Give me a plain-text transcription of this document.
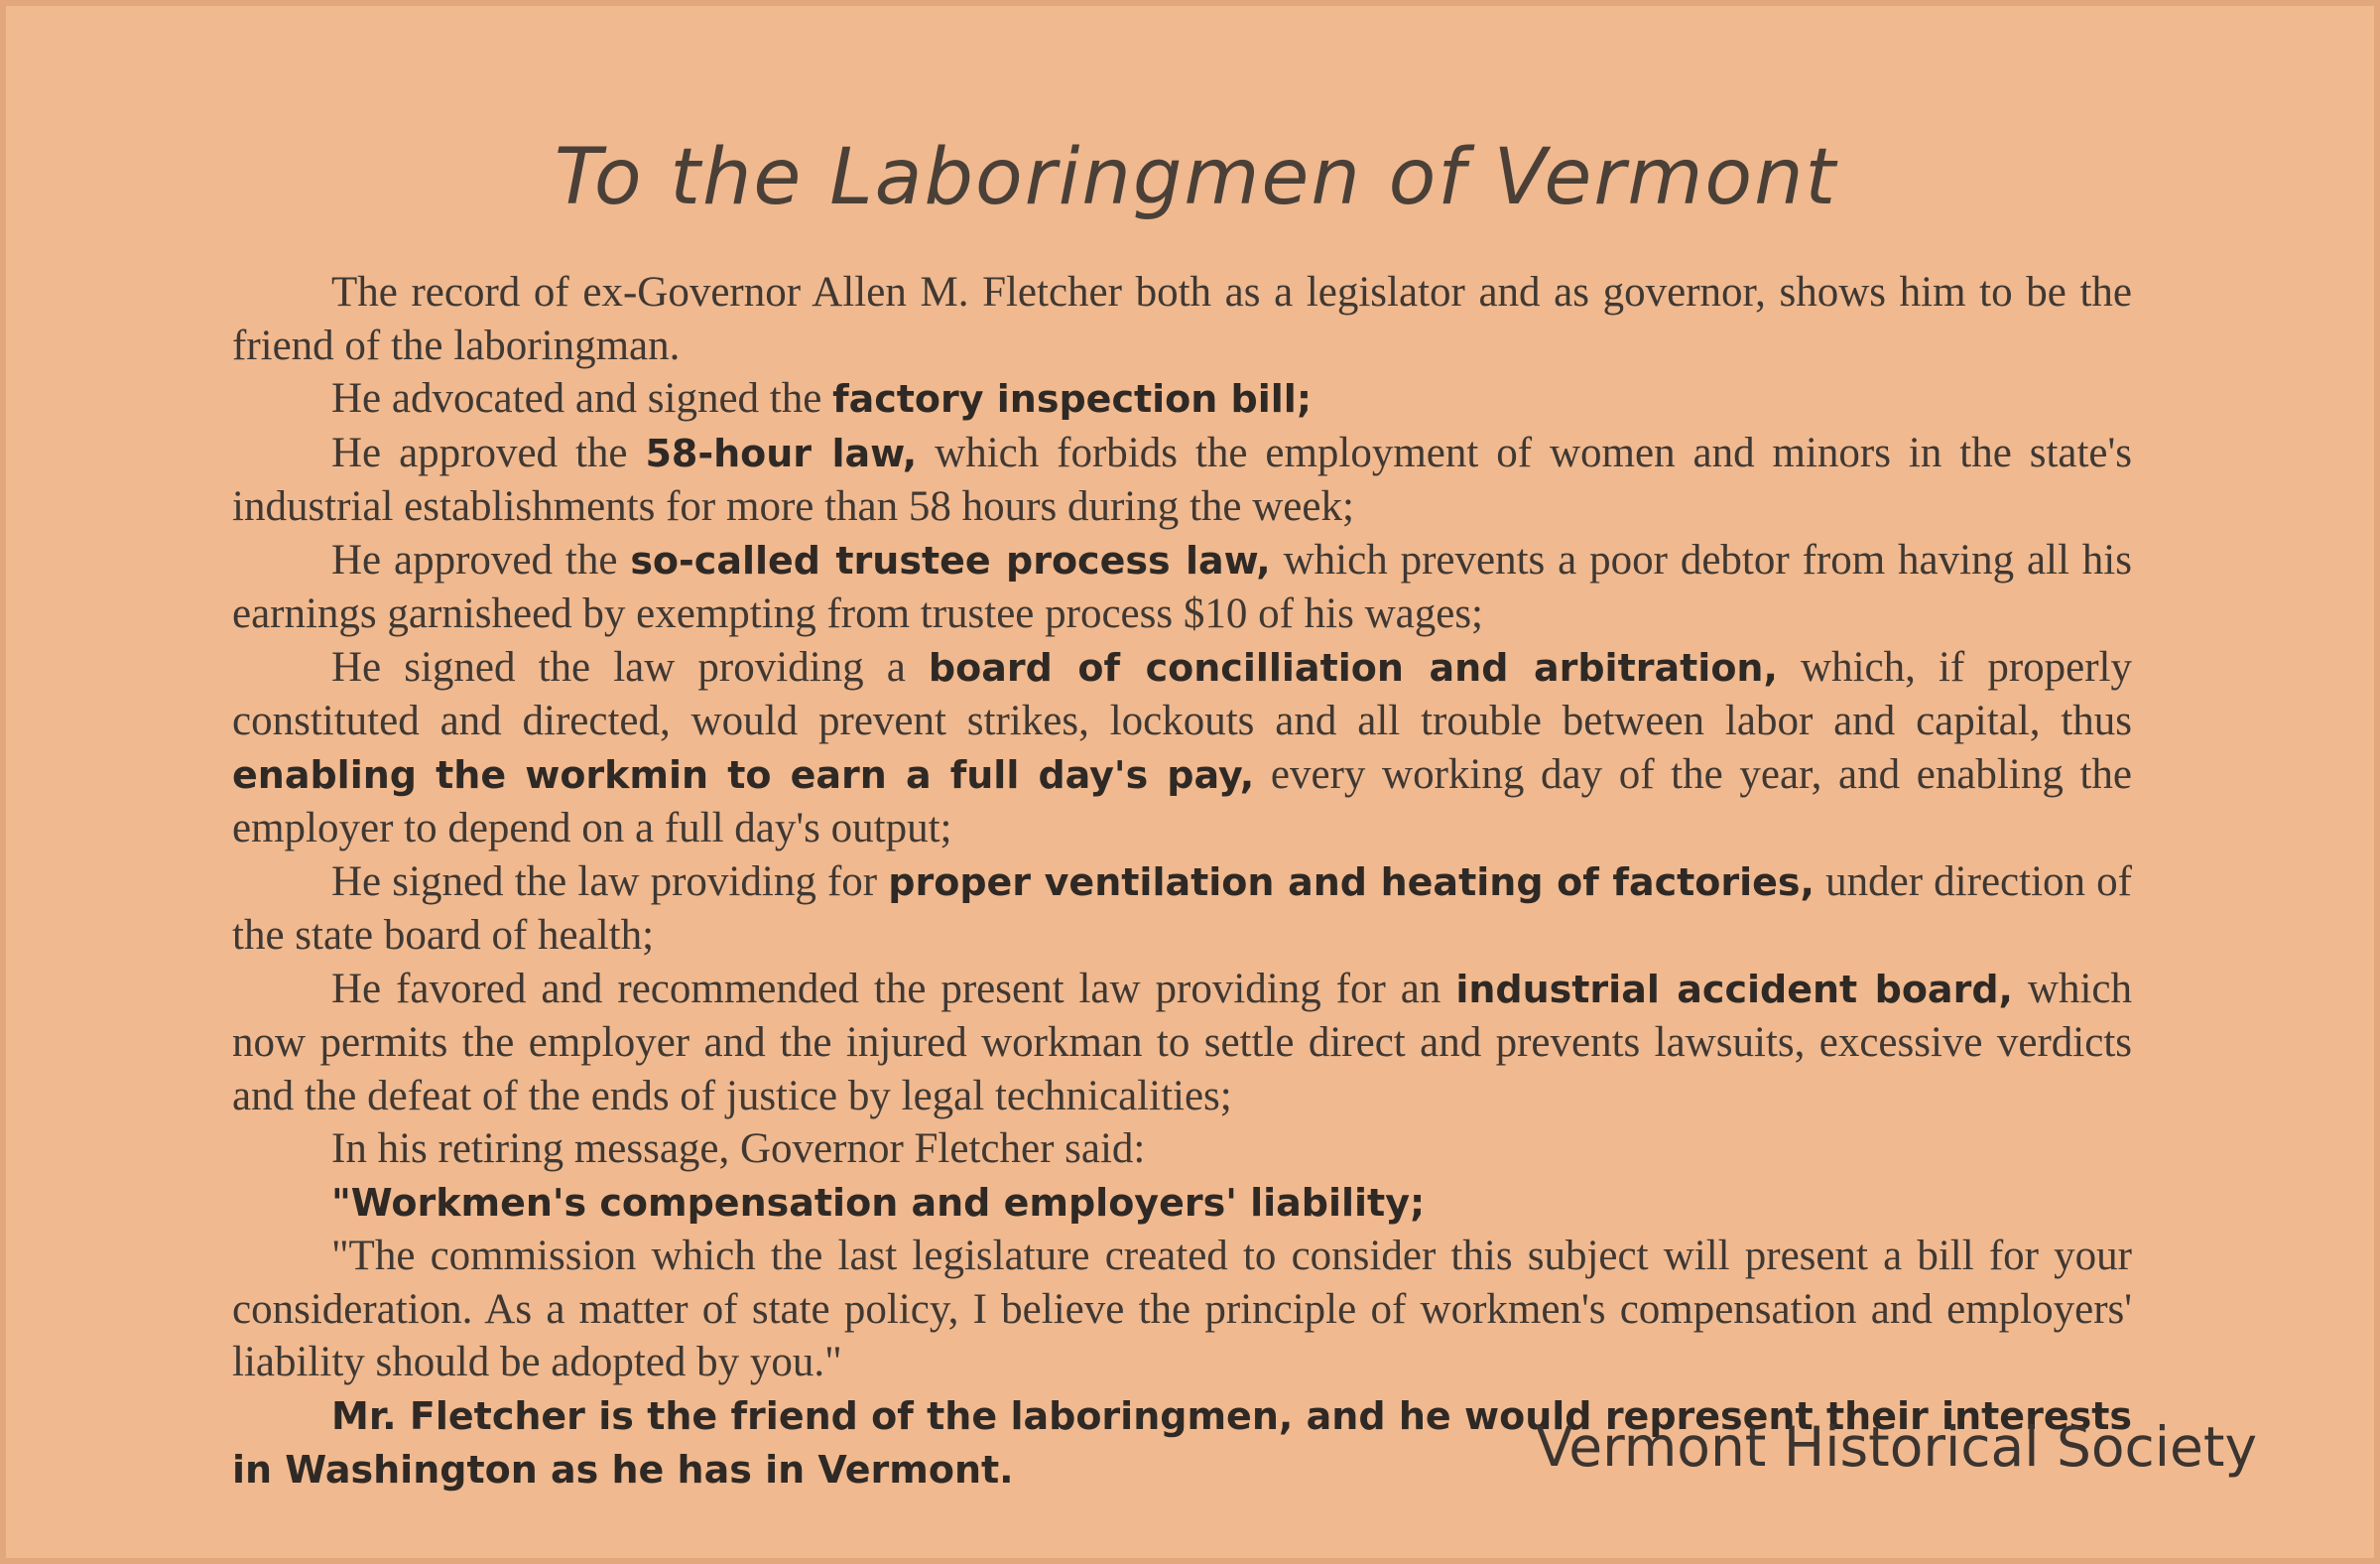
To the Laboringmen of Vermont

The record of ex-Governor Allen M. Fletcher both as a legislator and as governor, shows him to be the friend of the laboringman.

He advocated and signed the factory inspection bill;

He approved the 58-hour law, which forbids the employment of women and minors in the state's industrial establishments for more than 58 hours during the week;

He approved the so-called trustee process law, which prevents a poor debtor from having all his earnings garnisheed by exempting from trustee process $10 of his wages;

He signed the law providing a board of concilliation and arbitration, which, if properly constituted and directed, would prevent strikes, lockouts and all trouble between labor and capital, thus enabling the workmin to earn a full day's pay, every working day of the year, and enabling the employer to depend on a full day's output;

He signed the law providing for proper ventilation and heating of factories, under direction of the state board of health;

He favored and recommended the present law providing for an industrial accident board, which now permits the employer and the injured workman to settle direct and prevents lawsuits, excessive verdicts and the defeat of the ends of justice by legal technicalities;

In his retiring message, Governor Fletcher said:

"Workmen's compensation and employers' liability;

"The commission which the last legislature created to consider this subject will present a bill for your consideration. As a matter of state policy, I believe the principle of workmen's compensation and employers' liability should be adopted by you."

Mr. Fletcher is the friend of the laboringmen, and he would represent their interests in Washington as he has in Vermont.	Vermont Historical Society
